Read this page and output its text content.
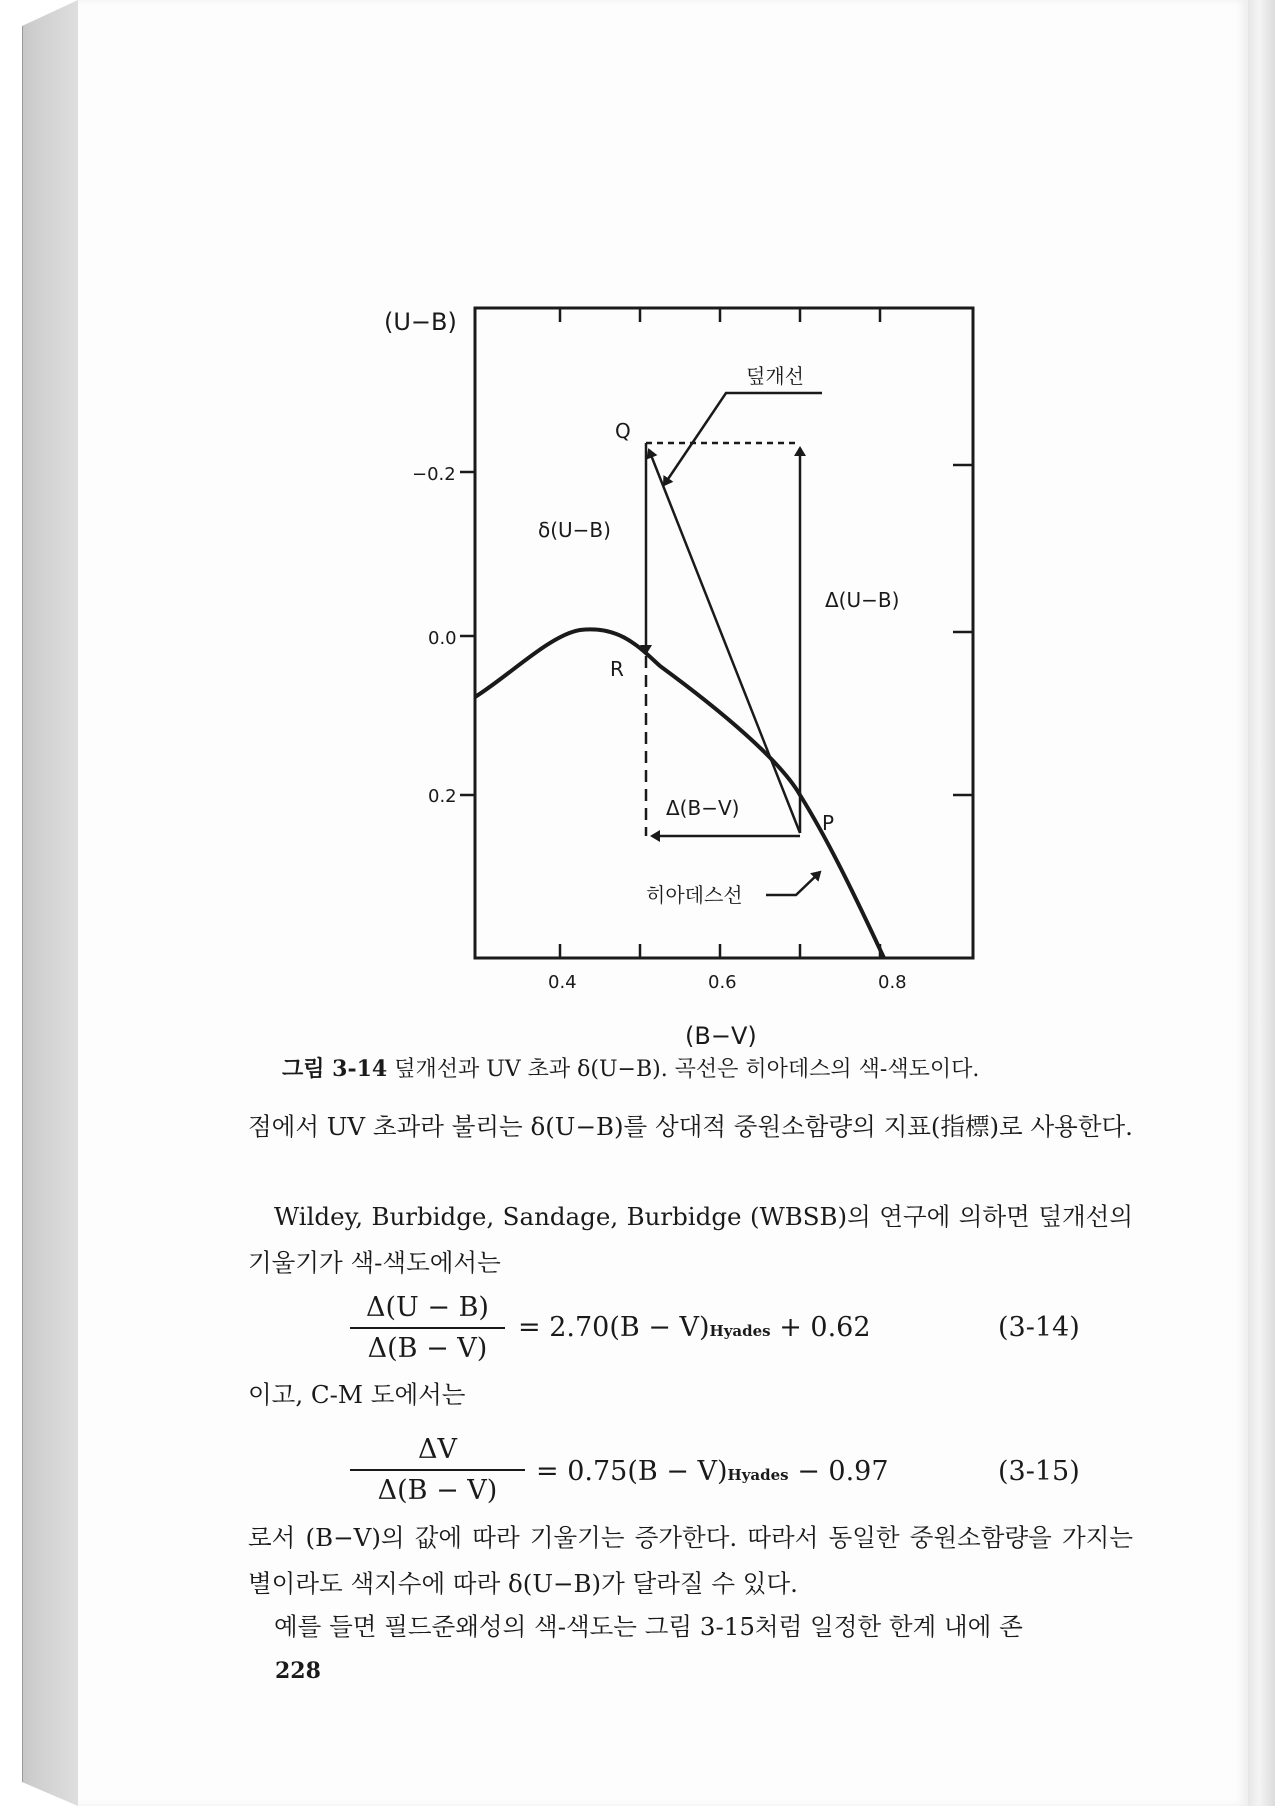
(U−B)
−0.2
0.0
0.2
0.4	0.6	0.8
(B−V)
덮개선
Q
R
P
δ(U−B)
Δ(U−B)
Δ(B−V)
히아데스선
그림 3-14 덮개선과 UV 초과 δ(U−B). 곡선은 히아데스의 색-색도이다.
점에서 UV 초과라 불리는 δ(U−B)를 상대적 중원소함량의 지표(指標)로 사용한다.
Wildey, Burbidge, Sandage, Burbidge (WBSB)의 연구에 의하면 덮개선의 기울기가 색-색도에서는
Δ(U − B)
Δ(B − V)
= 2.70(B − V)Hyades + 0.62	(3-14)
이고, C-M 도에서는
ΔV
Δ(B − V)
= 0.75(B − V)Hyades − 0.97	(3-15)
로서 (B−V)의 값에 따라 기울기는 증가한다. 따라서 동일한 중원소함량을 가지는 별이라도 색지수에 따라 δ(U−B)가 달라질 수 있다.
예를 들면 필드준왜성의 색-색도는 그림 3-15처럼 일정한 한계 내에 존
228
